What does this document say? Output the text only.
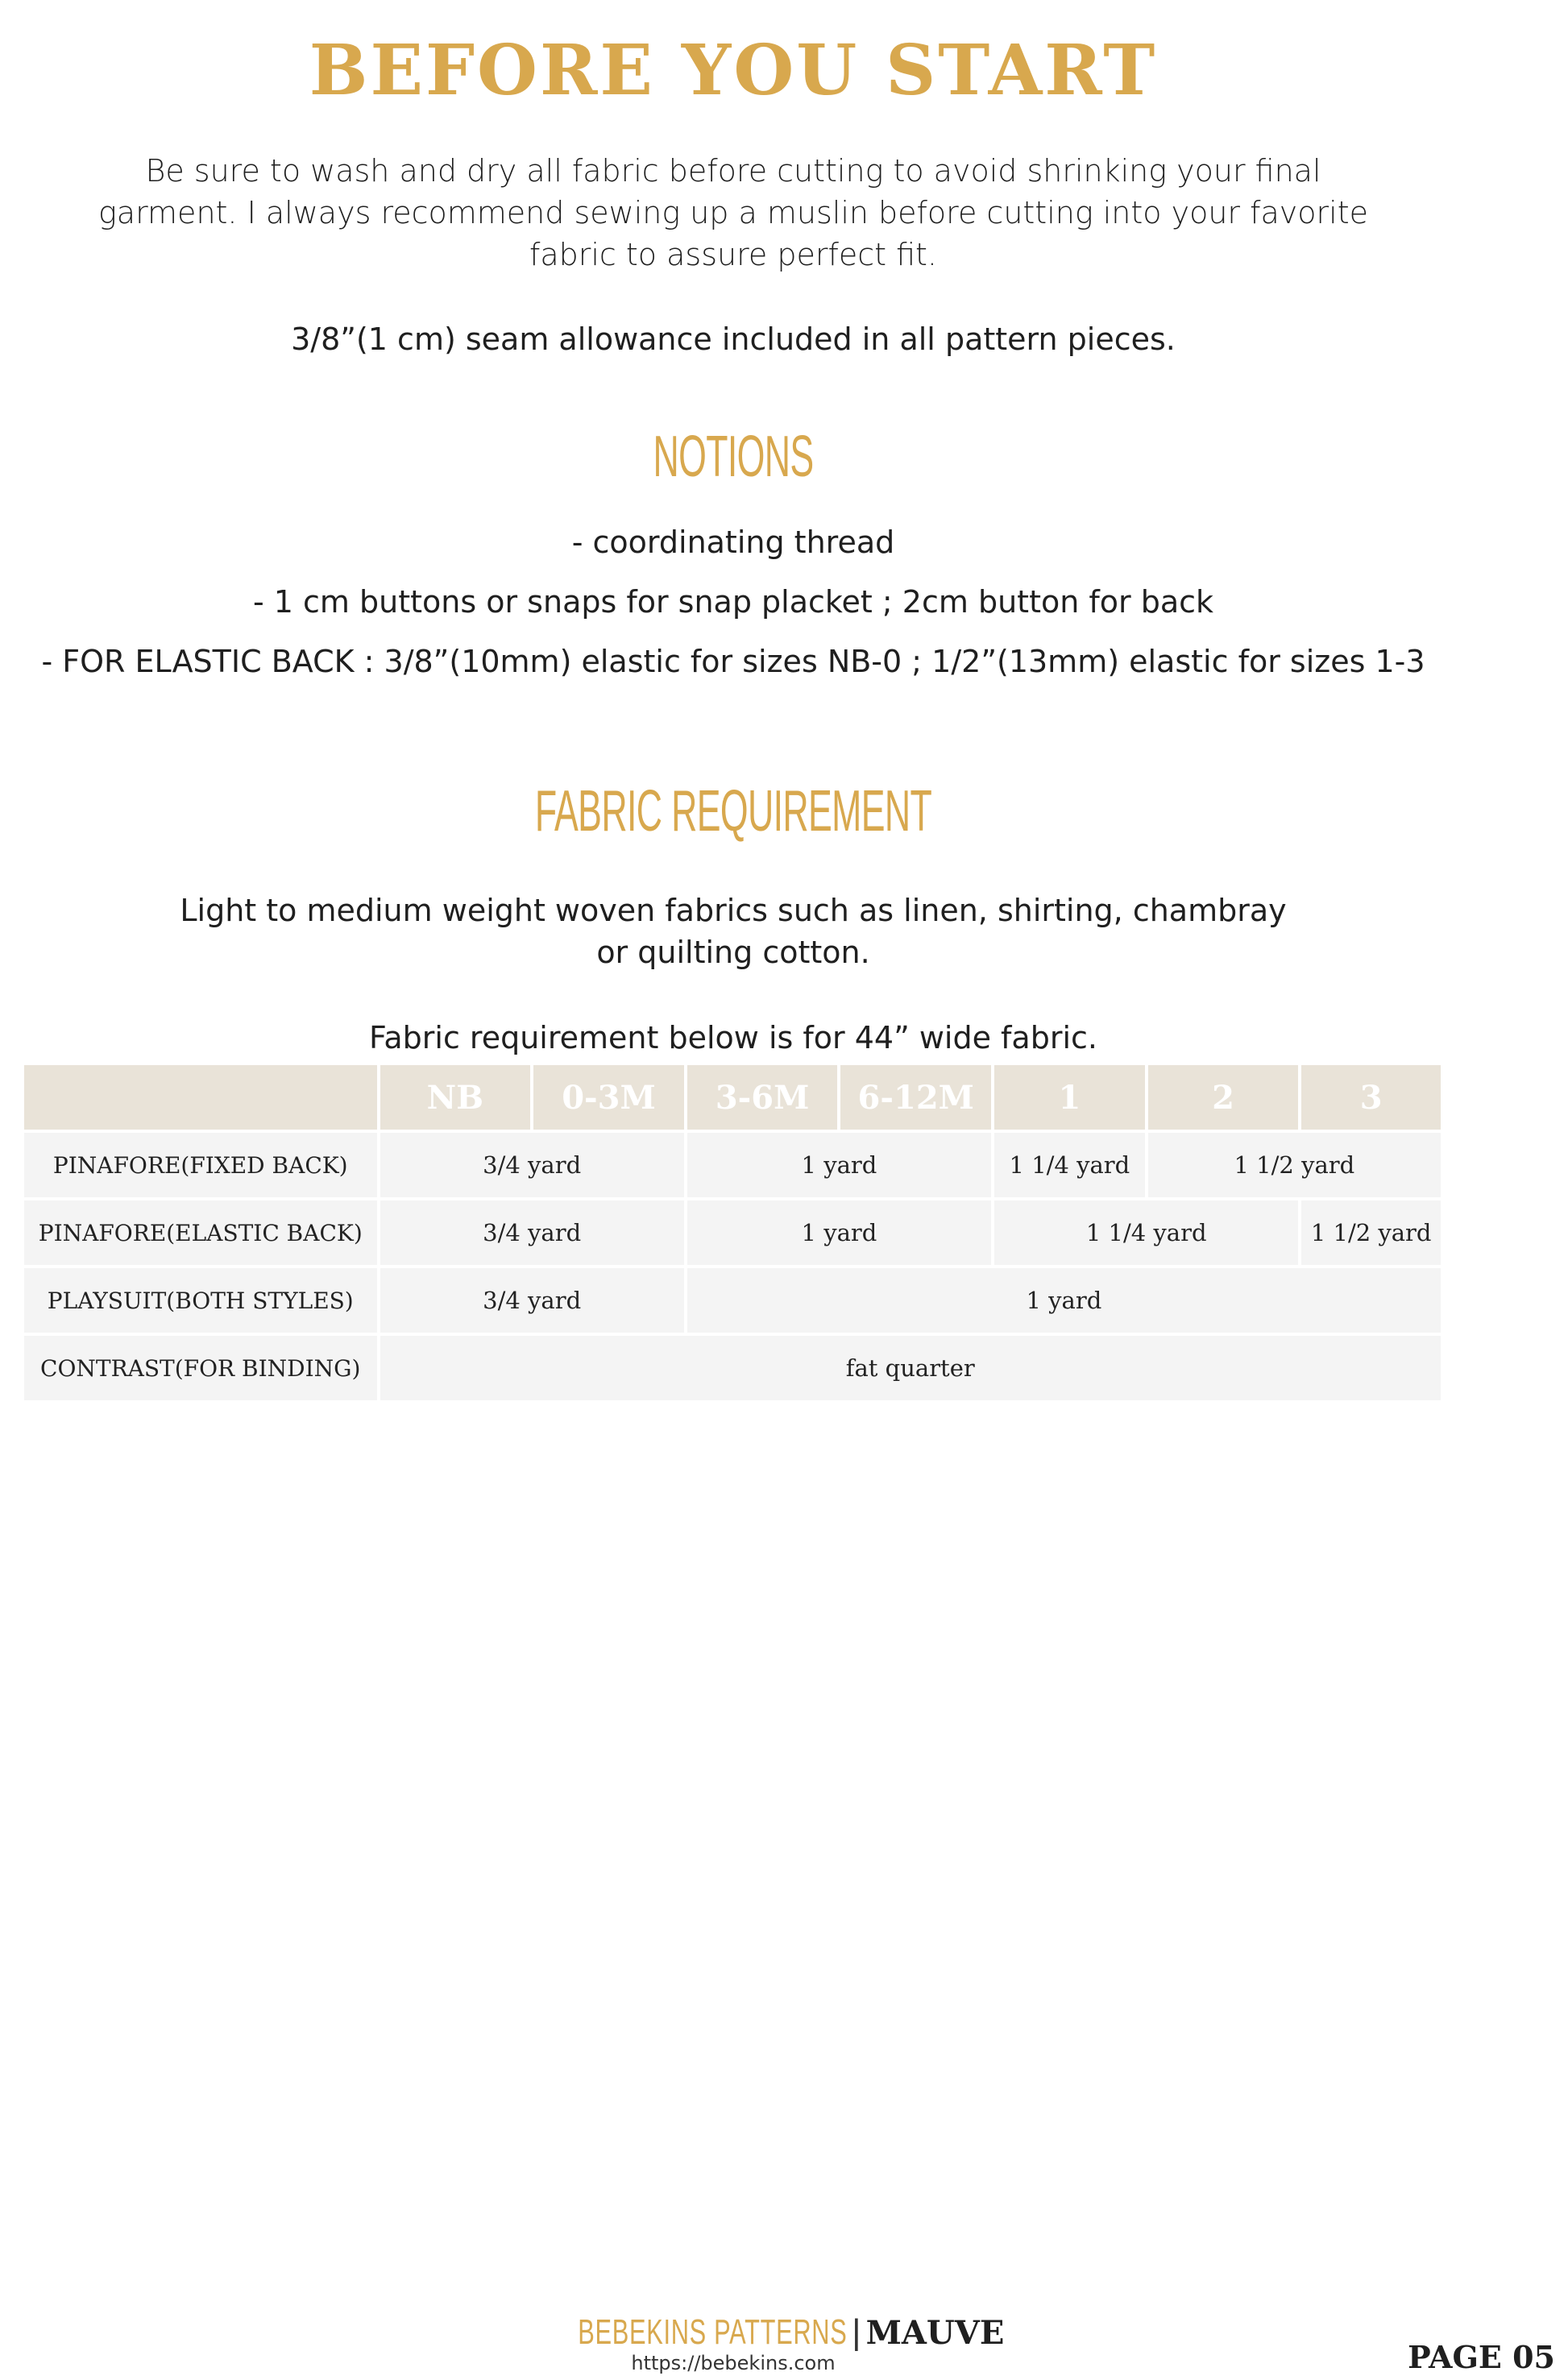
BEFORE YOU START
Be sure to wash and dry all fabric before cutting to avoid shrinking your final garment. I always recommend sewing up a muslin before cutting into your favorite fabric to assure perfect fit.
3/8”(1 cm) seam allowance included in all pattern pieces.
NOTIONS
- coordinating thread
- 1 cm buttons or snaps for snap placket ; 2cm button for back
- FOR ELASTIC BACK : 3/8”(10mm) elastic for sizes NB-0 ; 1/2”(13mm) elastic for sizes 1-3
FABRIC REQUIREMENT
Light to medium weight woven fabrics such as linen, shirting, chambray or quilting cotton.
Fabric requirement below is for 44” wide fabric.
	NB	0-3M	3-6M	6-12M	1	2	3
PINAFORE(FIXED BACK)	3/4 yard		1 yard		1 1/4 yard	1 1/2 yard	
PINAFORE(ELASTIC BACK)	3/4 yard		1 yard		1 1/4 yard		1 1/2 yard
PLAYSUIT(BOTH STYLES)	3/4 yard		1 yard				
CONTRAST(FOR BINDING)	fat quarter						
BEBEKINS PATTERNS | MAUVE
https://bebekins.com	PAGE 05
